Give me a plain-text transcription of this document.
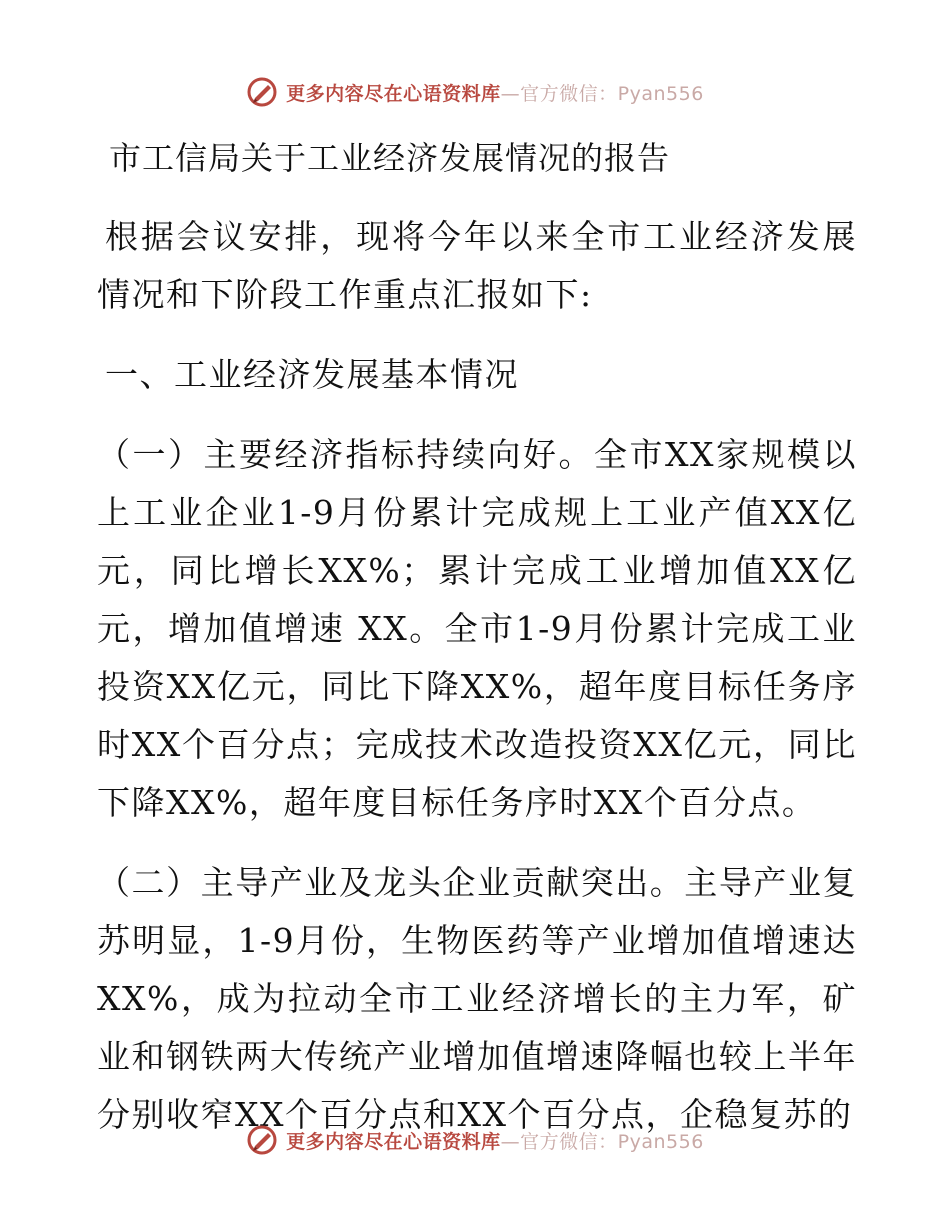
更多内容尽在心语资料库—官方微信：Pyan556
市工信局关于工业经济发展情况的报告

根据会议安排，现将今年以来全市工业经济发展情况和下阶段工作重点汇报如下:

一、工业经济发展基本情况

（一）主要经济指标持续向好。全市XX家规模以上工业企业1-9月份累计完成规上工业产值XX亿元，同比增长XX%；累计完成工业增加值XX亿元，增加值增速 XX。全市1-9月份累计完成工业投资XX亿元，同比下降XX%，超年度目标任务序时XX个百分点；完成技术改造投资XX亿元，同比下降XX%，超年度目标任务序时XX个百分点。

（二）主导产业及龙头企业贡献突出。主导产业复苏明显，1-9月份，生物医药等产业增加值增速达XX%，成为拉动全市工业经济增长的主力军，矿业和钢铁两大传统产业增加值增速降幅也较上半年分别收窄XX个百分点和XX个百分点，企稳复苏的

更多内容尽在心语资料库—官方微信：Pyan556
